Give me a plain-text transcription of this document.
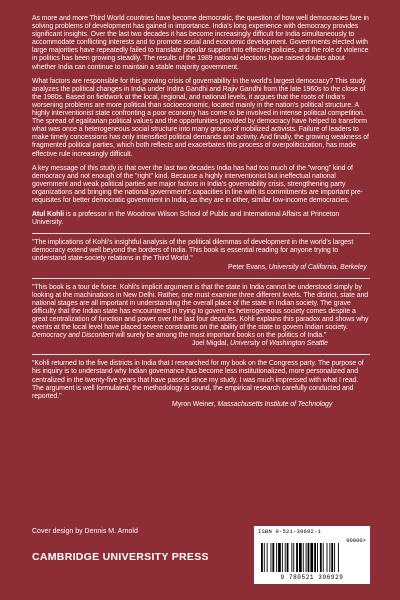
As more and more Third World countries have become democratic, the question of how well democracies fare in solving problems of development has gained in importance. India's long experience with democracy provides significant insights. Over the last two decades it has become increasingly difficult for India simultaneously to accommodate conflicting interests and to promote social and economic development. Governments elected with large majorities have repeatedly failed to translate popular support into effective policies, and the role of violence in politics has been growing steadily. The results of the 1989 national elections have raised doubts about whether India can continue to maintain a stable majority government.

What factors are responsible for this growing crisis of governability in the world's largest democracy? This study analyzes the political changes in India under Indira Gandhi and Rajiv Gandhi from the late 1960s to the close of the 1980s. Based on fieldwork at the local, regional, and national levels, it argues that the roots of India's worsening problems are more political than socioeconomic, located mainly in the nation's political structure. A highly interventionist state confronting a poor economy has come to be involved in intense political competition. The spread of egalitarian political values and the opportunities provided by democracy have helped to transform what was once a heterogeneous social structure into many groups of mobilized activists. Failure of leaders to make timely concessions has only intensified political demands and activity. And finally, the growing weakness of fragmented political parties, which both reflects and exacerbates this process of overpoliticization, has made effective rule increasingly difficult.

A key message of this study is that over the last two decades India has had too much of the "wrong" kind of democracy and not enough of the "right" kind. Because a highly interventionist but ineffectual national government and weak political parties are major factors in India's governability crisis, strengthening party organizations and bringing the national government's capacities in line with its commitments are important pre-requisites for better democratic government in India, as they are in other, similar low-income democracies.

Atul Kohli is a professor in the Woodrow Wilson School of Public and International Affairs at Princeton University.

"The implications of Kohli's insightful analysis of the political dilemmas of development in the world's largest democracy extend well beyond the borders of India. This book is essential reading for anyone trying to understand state-society relations in the Third World."
Peter Evans, University of California, Berkeley
"This book is a tour de force. Kohli's implicit argument is that the state in India cannot be understood simply by looking at the machinations in New Delhi. Rather, one must examine three different levels. The district, state and national stages are all important in understanding the overall place of the state in Indian society. The grave difficulty that the Indian state has encountered in trying to govern its heterogeneous society comes despite a great centralization of function and power over the last four decades. Kohli explains this paradox and shows why events at the local level have placed severe constraints on the ability of the state to govern Indian society. Democracy and Discontent will surely be among the most important books on the politics of India."
Joel Migdal, University of Washington Seattle
"Kohli returned to the five districts in India that I researched for my book on the Congress party. The purpose of his inquiry is to understand why Indian governance has become less institutionalized, more personalized and centralized in the twenty-five years that have passed since my study. I was much impressed with what I read. The argument is well formulated, the methodology is sound, the empirical research carefully conducted and reported."
Myron Weiner, Massachusetts Institute of Technology
Cover design by Dennis M. Arnold
CAMBRIDGE UNIVERSITY PRESS
ISBN 0-521-39692-1
90000>
9 780521 396929
